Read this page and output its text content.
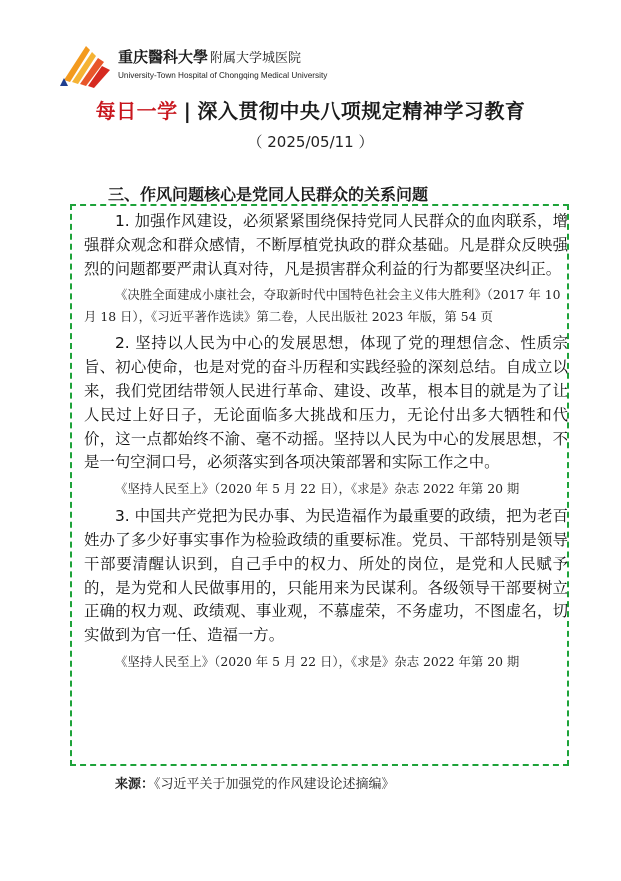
重庆醫科大學 附属大学城医院
University-Town Hospital of Chongqing Medical University
每日一学 | 深入贯彻中央八项规定精神学习教育
（ 2025/05/11 ）
三、作风问题核心是党同人民群众的关系问题

1. 加强作风建设，必须紧紧围绕保持党同人民群众的血肉联系，增强群众观念和群众感情，不断厚植党执政的群众基础。凡是群众反映强烈的问题都要严肃认真对待，凡是损害群众利益的行为都要坚决纠正。

《决胜全面建成小康社会，夺取新时代中国特色社会主义伟大胜利》（2017 年 10 月 18 日），《习近平著作选读》第二卷，人民出版社 2023 年版，第 54 页

2. 坚持以人民为中心的发展思想，体现了党的理想信念、性质宗旨、初心使命，也是对党的奋斗历程和实践经验的深刻总结。自成立以来，我们党团结带领人民进行革命、建设、改革，根本目的就是为了让人民过上好日子，无论面临多大挑战和压力，无论付出多大牺牲和代价，这一点都始终不渝、毫不动摇。坚持以人民为中心的发展思想，不是一句空洞口号，必须落实到各项决策部署和实际工作之中。

《坚持人民至上》（2020 年 5 月 22 日），《求是》杂志 2022 年第 20 期

3. 中国共产党把为民办事、为民造福作为最重要的政绩，把为老百姓办了多少好事实事作为检验政绩的重要标准。党员、干部特别是领导干部要清醒认识到，自己手中的权力、所处的岗位，是党和人民赋予的，是为党和人民做事用的，只能用来为民谋利。各级领导干部要树立正确的权力观、政绩观、事业观，不慕虚荣，不务虚功，不图虚名，切实做到为官一任、造福一方。

《坚持人民至上》（2020 年 5 月 22 日），《求是》杂志 2022 年第 20 期

来源：《习近平关于加强党的作风建设论述摘编》
